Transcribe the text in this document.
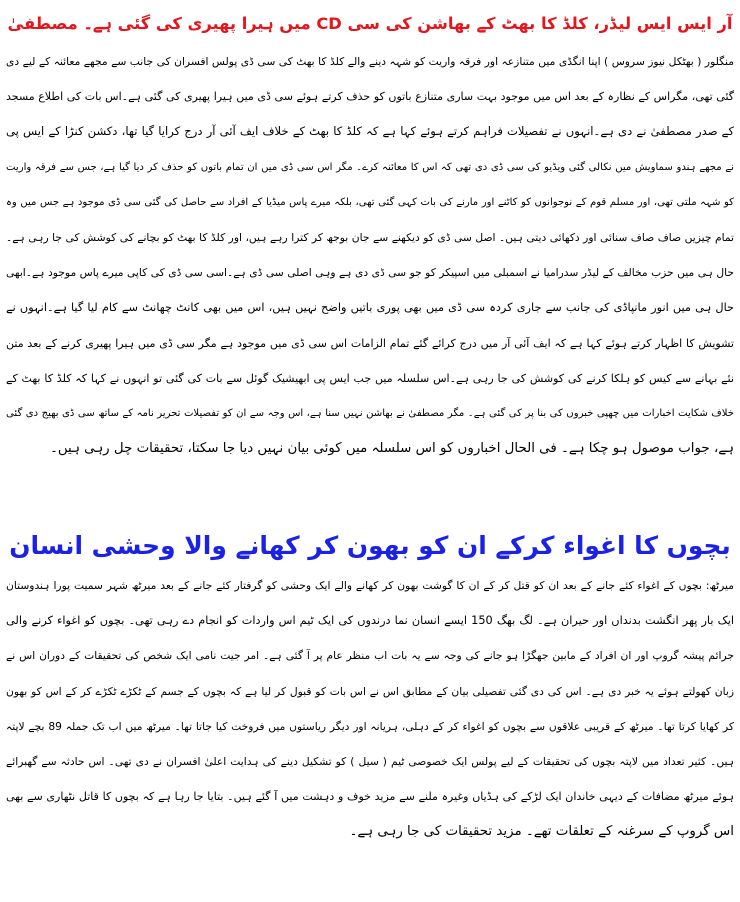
آر ایس ایس لیڈر، کلڈ کا بھٹ کے بھاشن کی سی CD میں ہیرا پھیری کی گئی ہے۔ مصطفیٰ
منگلور ( بھٹکل نیوز سروس ) اپنا انگڈی میں متنازعہ اور فرقہ واریت کو شہہ دینے والے کلڈ کا بھٹ کی سی ڈی پولس افسران کی جانب سے مجھے معائنہ کے لیے دی
گئی تھی، مگراس کے نظارہ کے بعد اس میں موجود بہت ساری متنازع باتوں کو حذف کرتے ہوئے سی ڈی میں ہیرا پھیری کی گئی ہے۔اس بات کی اطلاع مسجد
کے صدر مصطفیٰ نے دی ہے۔انہوں نے تفصیلات فراہم کرتے ہوئے کہا ہے کہ کلڈ کا بھٹ کے خلاف ایف آئی آر درج کرایا گیا تھا، دکشن کنڑا کے ایس پی
نے مجھے ہندو سماویش میں نکالی گئی ویڈیو کی سی ڈی دی تھی کہ اس کا معائنہ کرے۔ مگر اس سی ڈی میں ان تمام باتوں کو حذف کر دیا گیا ہے، جس سے فرقہ واریت
کو شہہ ملتی تھی، اور مسلم قوم کے نوجوانوں کو کاٹنے اور مارنے کی بات کہی گئی تھی، بلکہ میرے پاس میڈیا کے افراد سے حاصل کی گئی سی ڈی موجود ہے جس میں وہ
تمام چیزیں صاف صاف سنائی اور دکھائی دیتی ہیں۔ اصل سی ڈی کو دیکھنے سے جان بوجھ کر کترا رہے ہیں، اور کلڈ کا بھٹ کو بچانے کی کوشش کی جا رہی ہے۔
حال ہی میں حزب مخالف کے لیڈر سدرامیا نے اسمبلی میں اسپیکر کو جو سی ڈی دی ہے وہی اصلی سی ڈی ہے۔اسی سی ڈی کی کاپی میرے پاس موجود ہے۔ابھی
حال ہی میں انور مانپاڈی کی جانب سے جاری کردہ سی ڈی میں بھی پوری باتیں واضح نہیں ہیں، اس میں بھی کانٹ چھانٹ سے کام لیا گیا ہے۔انہوں نے
تشویش کا اظہار کرتے ہوئے کہا ہے کہ ایف آئی آر میں درج کرائے گئے تمام الزامات اس سی ڈی میں موجود ہے مگر سی ڈی میں ہیرا پھیری کرنے کے بعد متن
نئے بہانے سے کیس کو ہلکا کرنے کی کوشش کی جا رہی ہے۔اس سلسلہ میں جب ایس پی ابھیشیک گوئل سے بات کی گئی تو انہوں نے کہا کہ کلڈ کا بھٹ کے
خلاف شکایت اخبارات میں چھپی خبروں کی بنا پر کی گئی ہے۔ مگر مصطفیٰ نے بھاشن نہیں سنا ہے، اس وجہ سے ان کو تفصیلات تحریر نامہ کے ساتھ سی ڈی بھیج دی گئی
ہے، جواب موصول ہو چکا ہے۔ فی الحال اخباروں کو اس سلسلہ میں کوئی بیان نہیں دیا جا سکتا، تحقیقات چل رہی ہیں۔
بچوں کا اغواء کرکے ان کو بھون کر کھانے والا وحشی انسان
میرٹھ: بچوں کے اغواء کئے جانے کے بعد ان کو قتل کر کے ان کا گوشت بھون کر کھانے والے ایک وحشی کو گرفتار کئے جانے کے بعد میرٹھ شہر سمیت پورا ہندوستان
ایک بار پھر انگشت بدنداں اور حیران ہے۔ لگ بھگ 150 ایسے انسان نما درندوں کی ایک ٹیم اس واردات کو انجام دے رہی تھی۔ بچوں کو اغواء کرنے والی
جرائم پیشہ گروپ اور ان افراد کے مابین جھگڑا ہو جانے کی وجہ سے یہ بات اب منظر عام پر آ گئی ہے۔ امر جیت نامی ایک شخص کی تحقیقات کے دوران اس نے
زبان کھولتے ہوئے یہ خبر دی ہے۔ اس کی دی گئی تفصیلی بیان کے مطابق اس نے اس بات کو قبول کر لیا ہے کہ بچوں کے جسم کے ٹکڑے ٹکڑے کر کے اس کو بھون
کر کھایا کرتا تھا۔ میرٹھ کے قریبی علاقوں سے بچوں کو اغواء کر کے دہلی، ہریانہ اور دیگر ریاستوں میں فروخت کیا جاتا تھا۔ میرٹھ میں اب تک جملہ 89 بچے لاپتہ
ہیں۔ کثیر تعداد میں لاپتہ بچوں کی تحقیقات کے لیے پولس ایک خصوصی ٹیم ( سیل ) کو تشکیل دینے کی ہدایت اعلیٰ افسران نے دی تھی۔ اس حادثہ سے گھبرائے
ہوئے میرٹھ مضافات کے دیہی خاندان ایک لڑکے کی ہڈیاں وغیرہ ملنے سے مزید خوف و دہشت میں آ گئے ہیں۔ بتایا جا رہا ہے کہ بچوں کا قاتل نٹھاری سے بھی
اس گروپ کے سرغنہ کے تعلقات تھے۔ مزید تحقیقات کی جا رہی ہے۔
